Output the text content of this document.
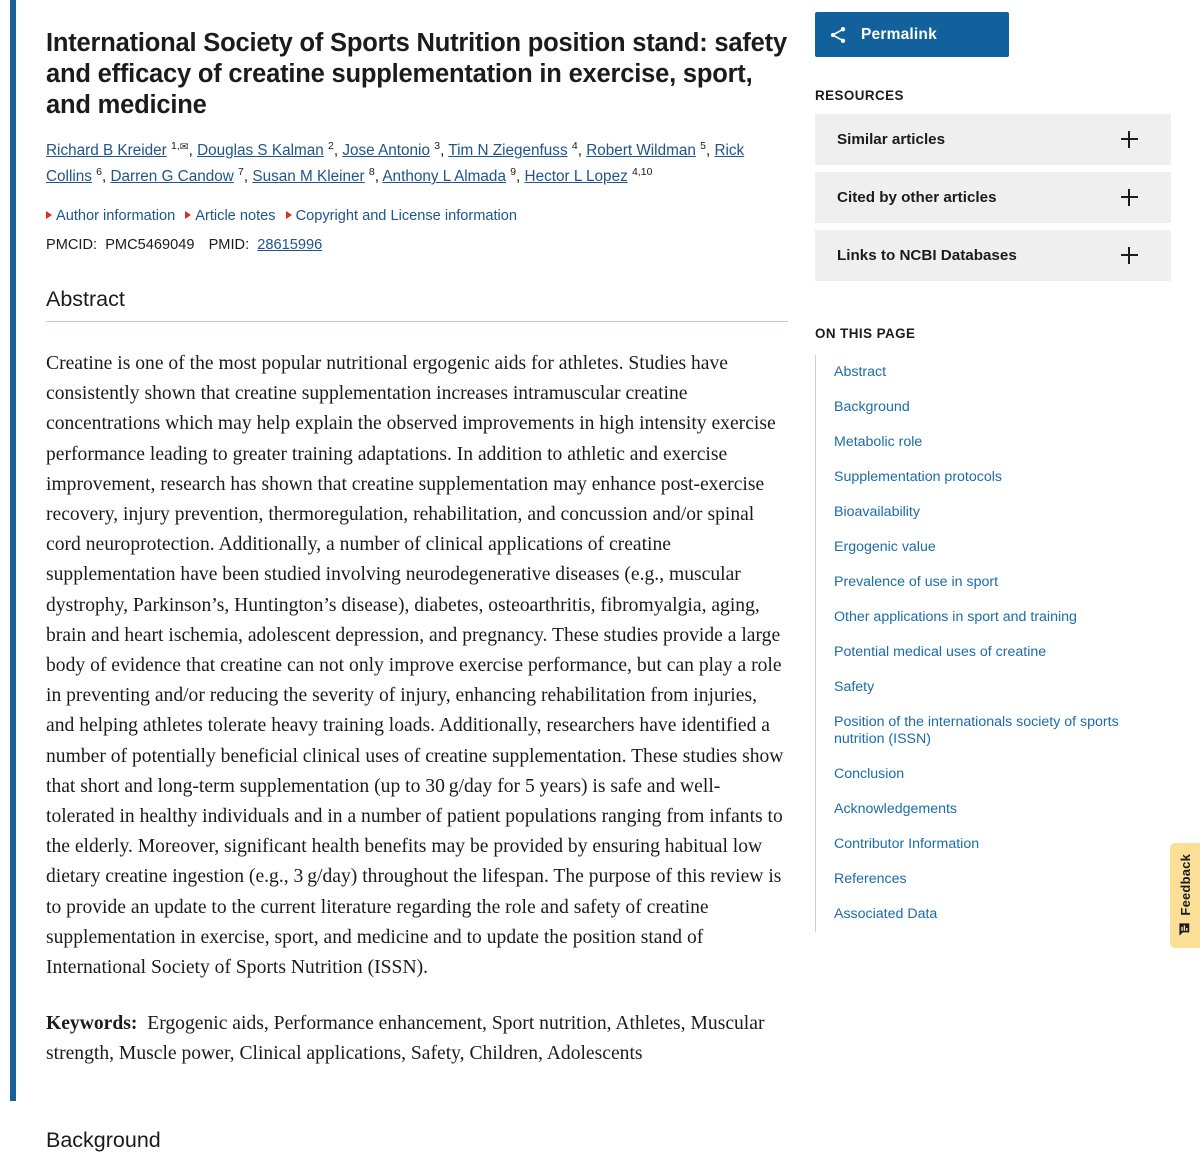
International Society of Sports Nutrition position stand: safety and efficacy of creatine supplementation in exercise, sport, and medicine
Richard B Kreider $^{1,✉}$, Douglas S Kalman $^2$, Jose Antonio $^3$, Tim N Ziegenfuss $^4$, Robert Wildman $^5$, Rick Collins $^6$, Darren G Candow $^7$, Susan M Kleiner $^8$, Anthony L Almada $^9$, Hector L Lopez $^{4,10}$
Author information Article notes Copyright and License information
PMCID: PMC5469049 PMID: 28615996
Abstract

Creatine is one of the most popular nutritional ergogenic aids for athletes. Studies have consistently shown that creatine supplementation increases intramuscular creatine concentrations which may help explain the observed improvements in high intensity exercise performance leading to greater training adaptations. In addition to athletic and exercise improvement, research has shown that creatine supplementation may enhance post-exercise recovery, injury prevention, thermoregulation, rehabilitation, and concussion and/or spinal cord neuroprotection. Additionally, a number of clinical applications of creatine supplementation have been studied involving neurodegenerative diseases (e.g., muscular dystrophy, Parkinson’s, Huntington’s disease), diabetes, osteoarthritis, fibromyalgia, aging, brain and heart ischemia, adolescent depression, and pregnancy. These studies provide a large body of evidence that creatine can not only improve exercise performance, but can play a role in preventing and/or reducing the severity of injury, enhancing rehabilitation from injuries, and helping athletes tolerate heavy training loads. Additionally, researchers have identified a number of potentially beneficial clinical uses of creatine supplementation. These studies show that short and long-term supplementation (up to 30 g/day for 5 years) is safe and well-tolerated in healthy individuals and in a number of patient populations ranging from infants to the elderly. Moreover, significant health benefits may be provided by ensuring habitual low dietary creatine ingestion (e.g., 3 g/day) throughout the lifespan. The purpose of this review is to provide an update to the current literature regarding the role and safety of creatine supplementation in exercise, sport, and medicine and to update the position stand of International Society of Sports Nutrition (ISSN).

Keywords: Ergogenic aids, Performance enhancement, Sport nutrition, Athletes, Muscular strength, Muscle power, Clinical applications, Safety, Children, Adolescents

Background
Permalink
RESOURCES
Similar articles
Cited by other articles
Links to NCBI Databases
ON THIS PAGE
Abstract
Background
Metabolic role
Supplementation protocols
Bioavailability
Ergogenic value
Prevalence of use in sport
Other applications in sport and training
Potential medical uses of creatine
Safety
Position of the internationals society of sports nutrition (ISSN)
Conclusion
Acknowledgements
Contributor Information
References
Associated Data	Feedback
